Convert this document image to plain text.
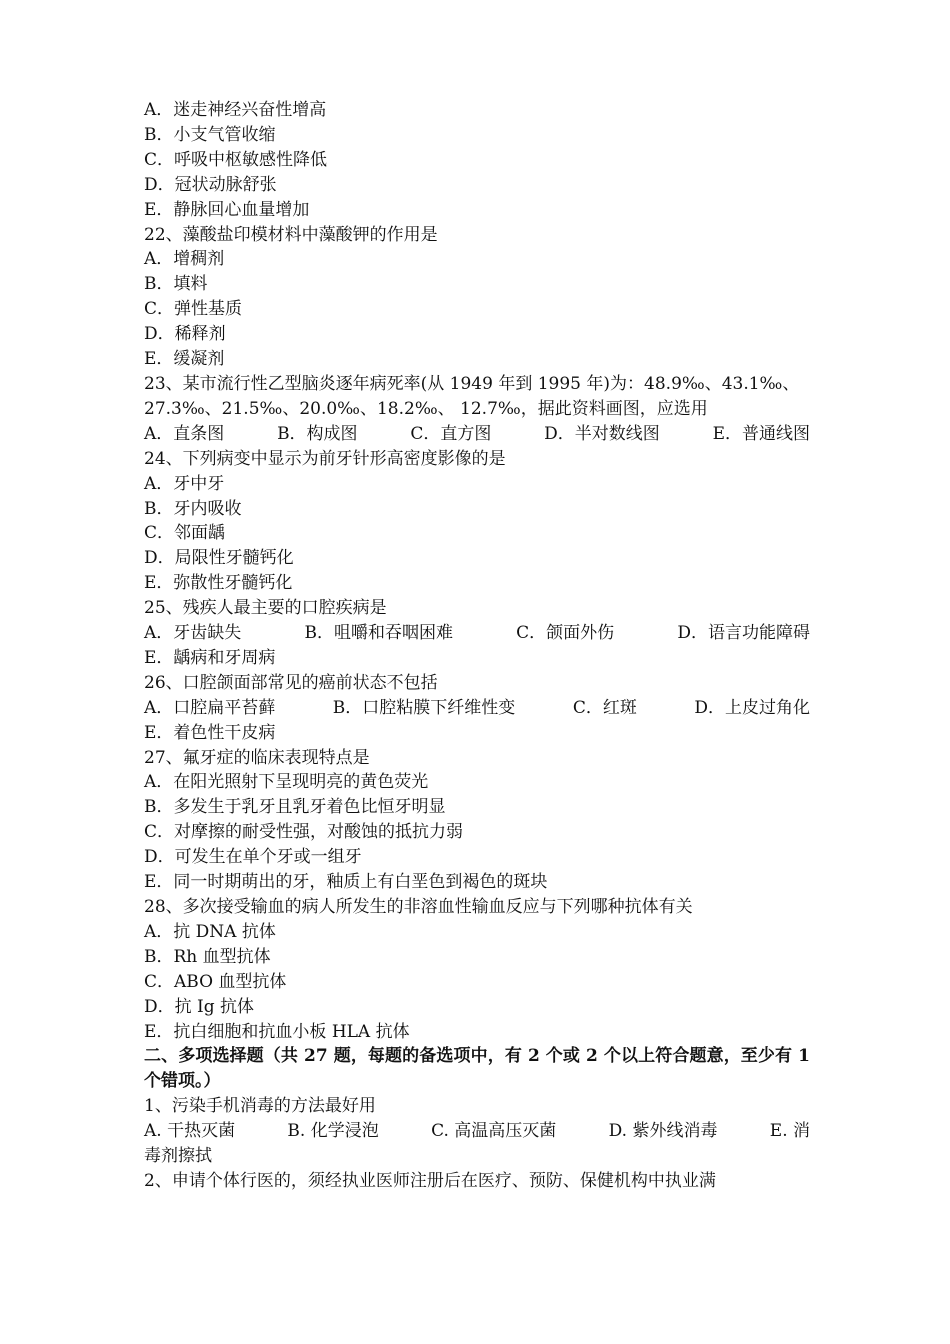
A．迷走神经兴奋性增高
B．小支气管收缩
C．呼吸中枢敏感性降低
D．冠状动脉舒张
E．静脉回心血量增加
22、藻酸盐印模材料中藻酸钾的作用是
A．增稠剂
B．填料
C．弹性基质
D．稀释剂
E．缓凝剂
23、某市流行性乙型脑炎逐年病死率(从 1949 年到 1995 年)为：48.9‰、43.1‰、
27.3‰、21.5‰、20.0‰、18.2‰、 12.7‰，据此资料画图，应选用
A．直条图	B．构成图	C．直方图	D．半对数线图	E．普通线图
24、下列病变中显示为前牙针形高密度影像的是
A．牙中牙
B．牙内吸收
C．邻面龋
D．局限性牙髓钙化
E．弥散性牙髓钙化
25、残疾人最主要的口腔疾病是
A．牙齿缺失	B．咀嚼和吞咽困难	C．颌面外伤	D．语言功能障碍
E．龋病和牙周病
26、口腔颌面部常见的癌前状态不包括
A．口腔扁平苔藓	B．口腔粘膜下纤维性变	C．红斑	D．上皮过角化
E．着色性干皮病
27、氟牙症的临床表现特点是
A．在阳光照射下呈现明亮的黄色荧光
B．多发生于乳牙且乳牙着色比恒牙明显
C．对摩擦的耐受性强，对酸蚀的抵抗力弱
D．可发生在单个牙或一组牙
E．同一时期萌出的牙，釉质上有白垩色到褐色的斑块
28、多次接受输血的病人所发生的非溶血性输血反应与下列哪种抗体有关
A．抗 DNA 抗体
B．Rh 血型抗体
C．ABO 血型抗体
D．抗 Ig 抗体
E．抗白细胞和抗血小板 HLA 抗体
二、多项选择题（共 27 题，每题的备选项中，有 2 个或 2 个以上符合题意，至少有 1 个错项。）
1、污染手机消毒的方法最好用
A. 干热灭菌	B. 化学浸泡	C. 高温高压灭菌	D. 紫外线消毒	E. 消
毒剂擦拭
2、申请个体行医的，须经执业医师注册后在医疗、预防、保健机构中执业满
